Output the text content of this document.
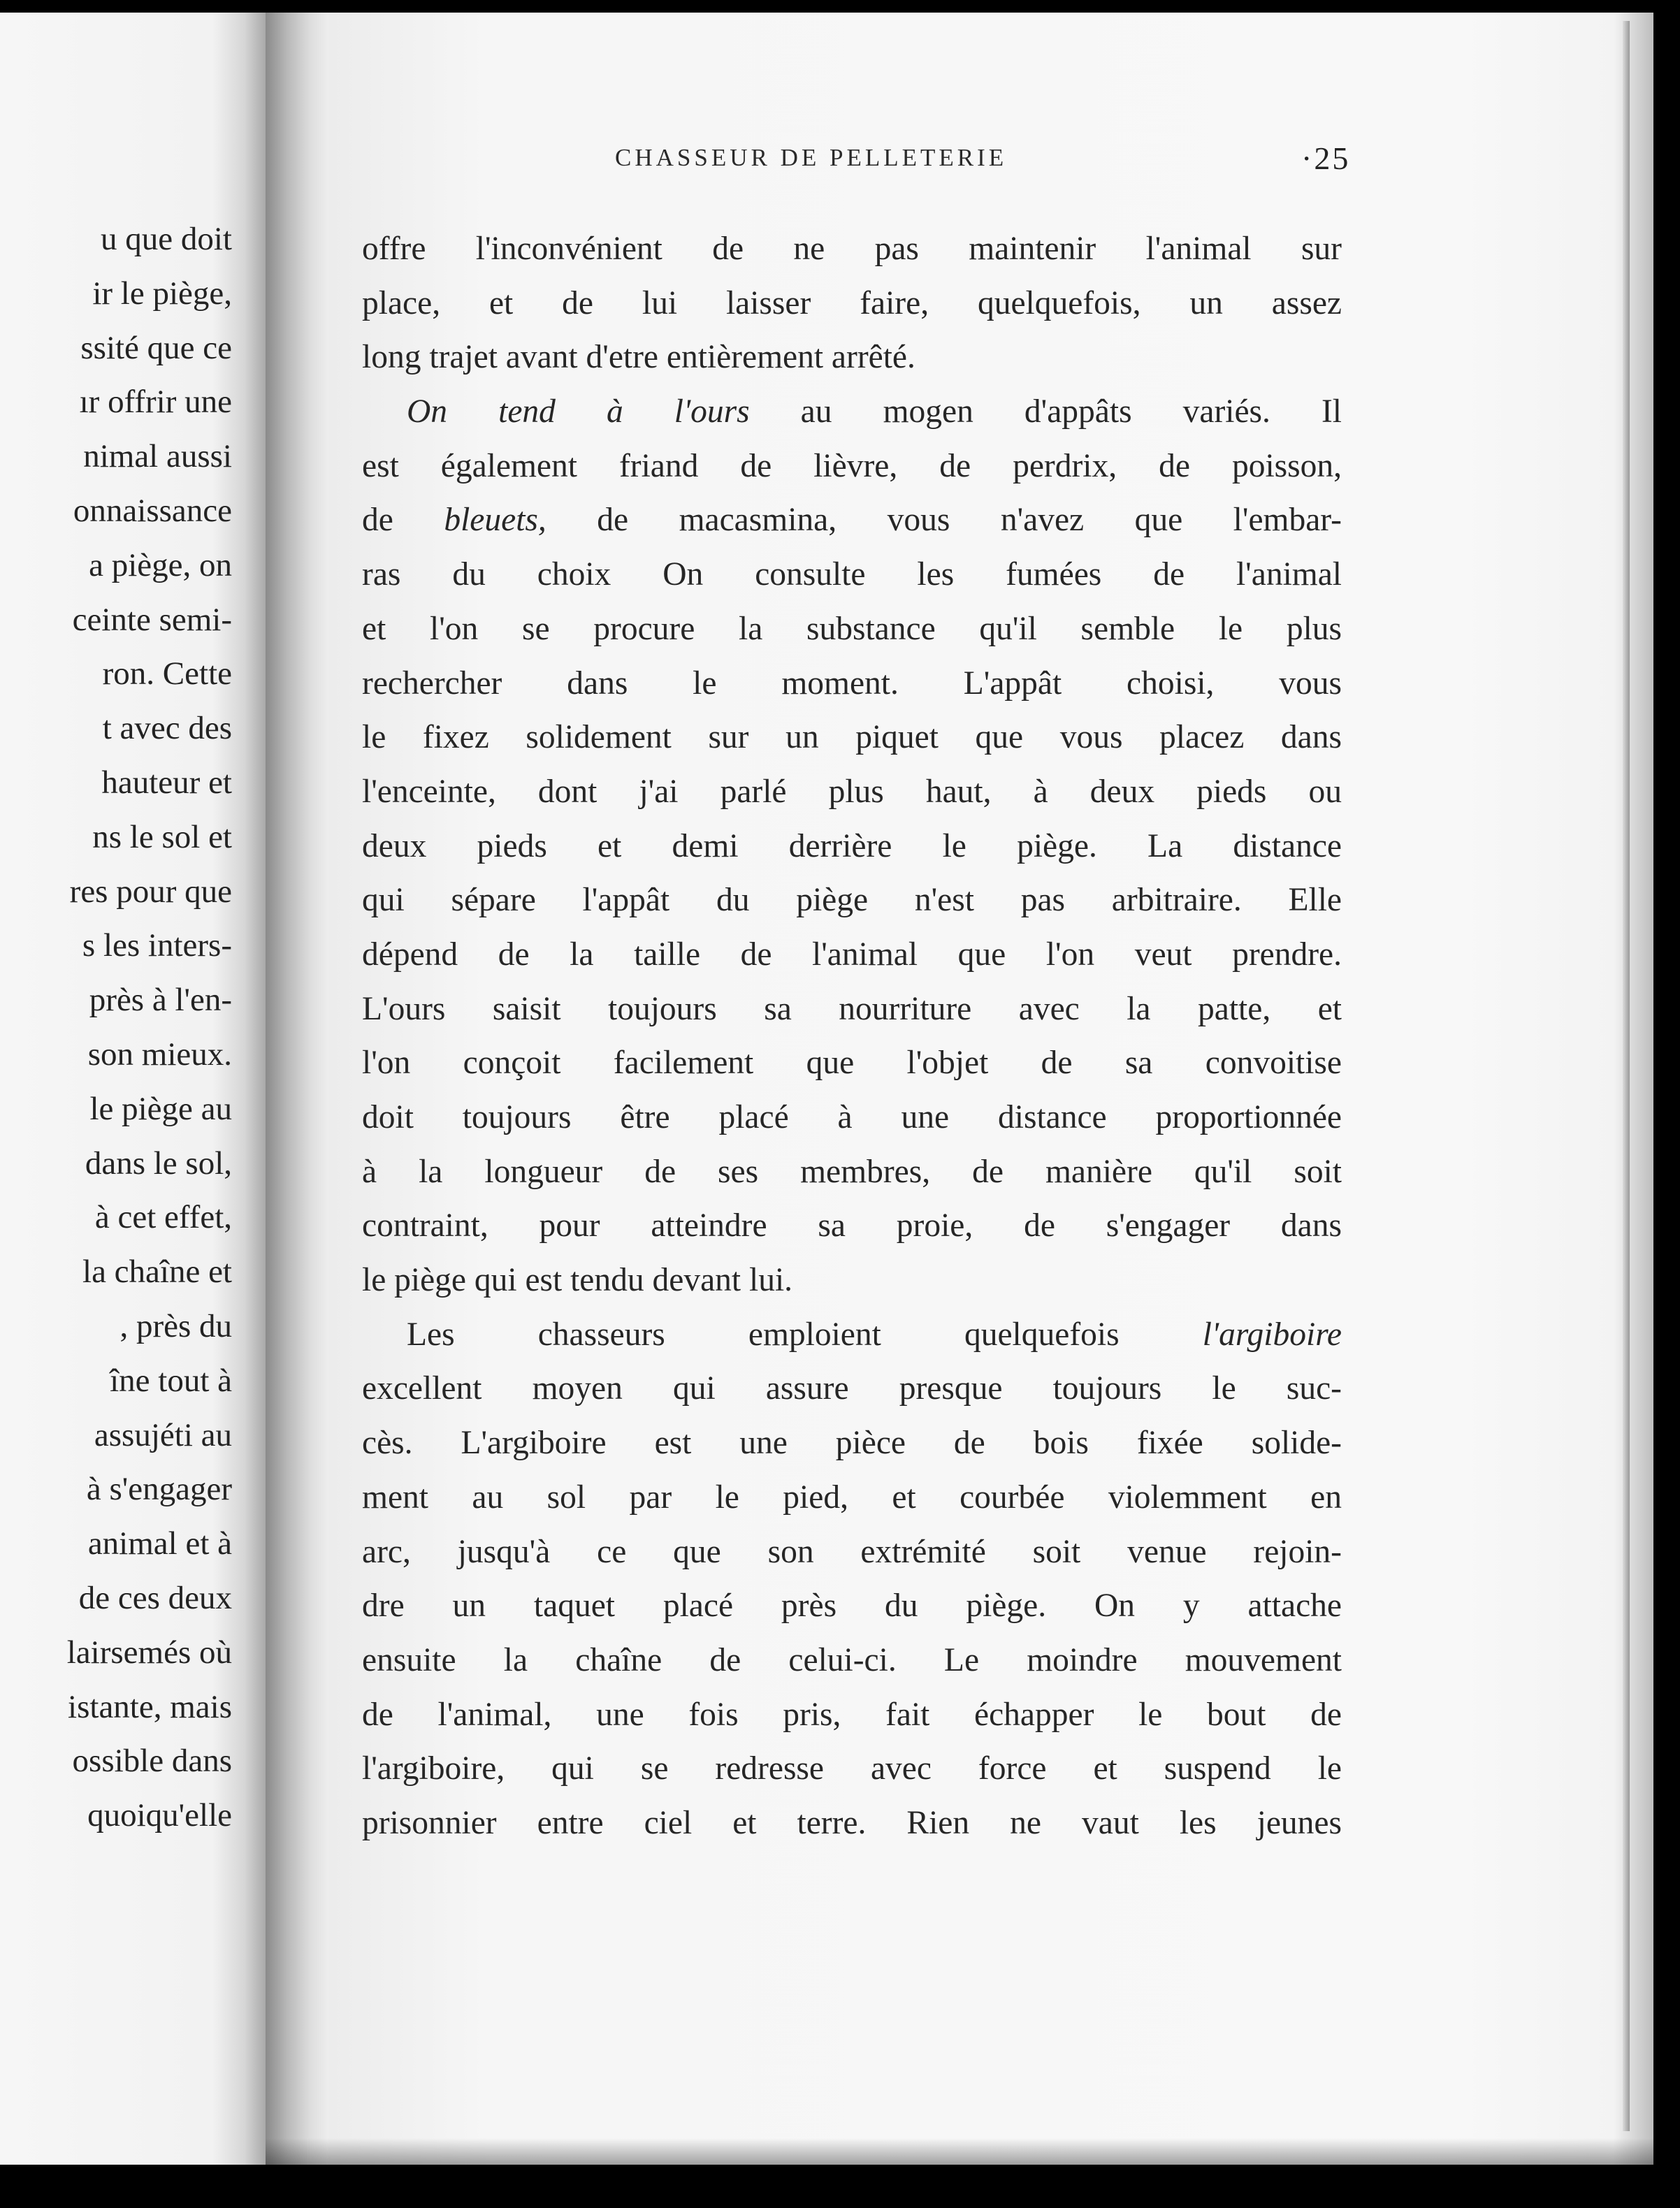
u que doit
ir le piège,
ssité que ce
ır offrir une
nimal aussi
onnaissance
a piège, on
ceinte semi-
ron. Cette
t avec des
hauteur et
ns le sol et
res pour que
s les inters-
près à l'en-
son mieux.
le piège au
dans le sol,
à cet effet,
la chaîne et
, près du
îne tout à
assujéti au
à s'engager
animal et à
de ces deux
lairsemés où
istante, mais
ossible dans
quoiqu'elle
CHASSEUR DE PELLETERIE	·25
offre l'inconvénient de ne pas maintenir l'animal sur
place, et de lui laisser faire, quelquefois, un assez
long trajet avant d'etre entièrement arrêté.
On tend à l'ours au mogen d'appâts variés. Il
est également friand de lièvre, de perdrix, de poisson,
de bleuets, de macasmina, vous n'avez que l'embar-
ras du choix On consulte les fumées de l'animal
et l'on se procure la substance qu'il semble le plus
rechercher dans le moment. L'appât choisi, vous
le fixez solidement sur un piquet que vous placez dans
l'enceinte, dont j'ai parlé plus haut, à deux pieds ou
deux pieds et demi derrière le piège. La distance
qui sépare l'appât du piège n'est pas arbitraire. Elle
dépend de la taille de l'animal que l'on veut prendre.
L'ours saisit toujours sa nourriture avec la patte, et
l'on conçoit facilement que l'objet de sa convoitise
doit toujours être placé à une distance proportionnée
à la longueur de ses membres, de manière qu'il soit
contraint, pour atteindre sa proie, de s'engager dans
le piège qui est tendu devant lui.
Les chasseurs emploient quelquefois l'argiboire
excellent moyen qui assure presque toujours le suc-
cès. L'argiboire est une pièce de bois fixée solide-
ment au sol par le pied, et courbée violemment en
arc, jusqu'à ce que son extrémité soit venue rejoin-
dre un taquet placé près du piège. On y attache
ensuite la chaîne de celui-ci. Le moindre mouvement
de l'animal, une fois pris, fait échapper le bout de
l'argiboire, qui se redresse avec force et suspend le
prisonnier entre ciel et terre. Rien ne vaut les jeunes
